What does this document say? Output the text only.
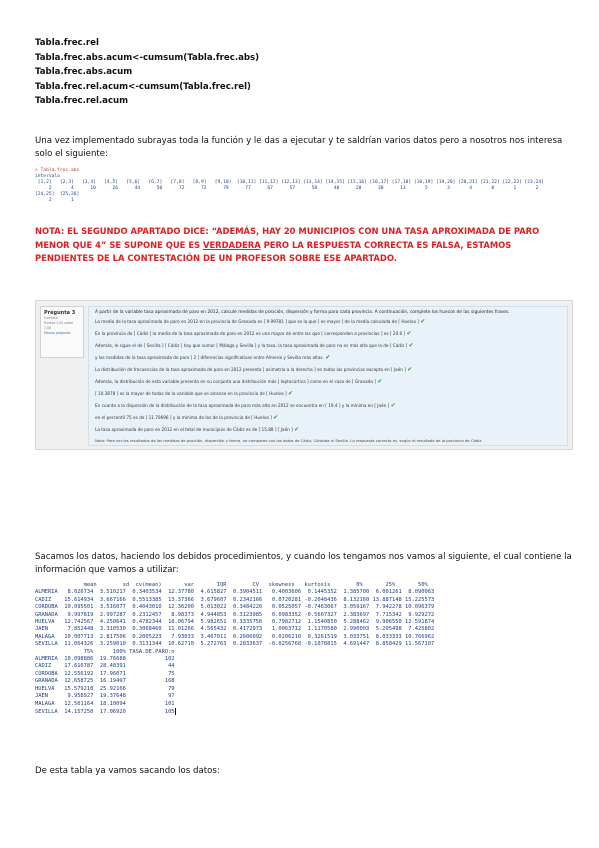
Tabla.frec.rel
Tabla.frec.abs.acum<-cumsum(Tabla.frec.abs)
Tabla.frec.abs.acum
Tabla.frec.rel.acum<-cumsum(Tabla.frec.rel)
Tabla.frec.rel.acum

Una vez implementado subrayas toda la función y le das a ejecutar y te saldrían varios datos pero a nosotros nos interesa solo el siguiente:

> Tabla.frec.abs
intervalo
[1,2]   [2,3]   [3,4]   [4,5]   [5,6]   [6,7]   [7,8]   [8,9]   [9,10]  [10,11] [11,12] [12,13] [13,14] [14,15] [15,16] [16,17] [17,18] [18,19] [19,20] [20,21] [21,22] [22,23] [23,24]
2       4      10      26      44      50      72      72      79      77      67      57      58      40      28      30      13       5       3       4       0       1       2
[24,25]  [25,26]
2       1

NOTA: EL SEGUNDO APARTADO DICE: “ADEMÁS, HAY 20 MUNICIPIOS CON UNA TASA APROXIMADA DE PARO MENOR QUE 4” SE SUPONE QUE ES VERDADERA PERO LA RESPUESTA CORRECTA ES FALSA, ESTAMOS PENDIENTES DE LA CONTESTACIÓN DE UN PROFESOR SOBRE ESE APARTADO.

Pregunta 3
Correcta
Puntúa 1,00 sobre 1,00
Marcar pregunta
A partir de la variable tasa aproximada de paro en 2012, calcule medidas de posición, dispersión y forma para cada provincia. A continuación, complete los huecos de las siguientes frases.
La media de la tasa aproximada de paro en 2012 en la provincia de Granada es [ 9.99781 ] que es la que [ es mayor ] de la media calculada de [ Huelva ] ✔
En la provincia de [ Cádiz ] la media de la tasa aproximada de paro en 2012 es una mayor de entre las que [ corresponden a provincias ] es [ 20.0 ] ✔
Además, le sigue el de [ Sevilla ] [ Cádiz ] hay que sumar [ Málaga y Sevilla ] y la tasa, la tasa aproximada de paro no es más alta que la de [ Cádiz ] ✔
y las medidas de la tasa aproximada de paro [ 2 ] diferencias significativas entre Almería y Sevilla más altas. ✔
La distribución de frecuencias de la tasa aproximada de paro en 2012 presenta [ asimetría a la derecha ] en todas las provincias excepto en [ Jaén ] ✔
Además, la distribución de esta variable presenta en su conjunto una distribución más [ leptocúrtica ] como en el caso de [ Granada ] ✔
[ 10.3878 ] es la mayor de todas de la variable que se alcanza en la provincia de [ Huelva ] ✔
En cuanto a la dispersión de la distribución de la tasa aproximada de paro más alto en 2012 se encuentra en [ 19.4 ] y la mínima en [ Jaén ] ✔
en el percentil 75 es de [ 11.70696 ] y la mínima de los de la provincia de [ Huelva ] ✔
La tasa aproximada de paro en 2012 en el total de municipios de Cádiz es de [ 15.88 ] [ Jaén ] ✔
Nota: Para ver los resultados de las medidas de posición, dispersión y forma, no compares con los datos de Cádiz, Córdoba ni Sevilla. La respuesta correcta es, según el resultado de la provincia de Cádiz.

Sacamos los datos, haciendo los debidos procedimientos, y cuando los tengamos nos vamos al siguiente, el cual contiene la información que vamos a utilizar:

mean        sd  cv(mean)       var       IQR        CV   skewness   kurtosis        0%       25%       50%
ALMERIA   8.026734  3.510217  0.3403534  12.37780  4.615827  0.3904511   0.4003606  0.1445352  1.385700  6.001261  8.090063
CADIZ    15.614934  3.667166  0.5513385  13.37366  3.679607  0.2342166   0.0720281 -0.2048436  8.132160 13.887148 15.225573
CORDOBA  10.095501  3.516077  0.4043010  12.36200  5.013022  0.3484220   0.0525057 -0.7463067  3.059167  7.942278 10.096379
GRANADA   9.997819  2.997287  0.2312457   8.98373  4.944853  0.3123985   0.0983352 -0.5607327  2.383697  7.715342  9.929272
HUELVA   12.742567  4.250641  0.4782344  18.06794  5.982651  0.3335750   0.7982712  1.1540850  5.288462  9.906550 12.591874
JAEN      7.852448  3.310530  0.3068460  11.01266  4.565432  0.4172973   1.0063712  1.1170580  2.990003  5.205498  7.425802
MALAGA   10.007713  2.817506  0.2005223   7.93033  3.467011  0.2606092   0.0206210  0.3261519  3.033751  8.033333 10.766962
SEVILLA  11.064326  3.259010  0.3131344  10.62710  5.272763  0.2833637  -0.0256768 -0.1078815  4.691447  8.858429 11.567107
75%      100% TASA.DE.PARO:n
ALMERIA  10.098886  19.76688            102
CADIZ    17.616787  28.48391             44
CORDOBA  12.556192  17.96071             75
GRANADA  12.658725  16.19497            168
HUELVA   15.579210  25.92166             79
JAEN      9.958927  19.37648             97
MALAGA   12.501164  18.10094            101
SEVILLA  14.157250  17.06920            105

De esta tabla ya vamos sacando los datos:
